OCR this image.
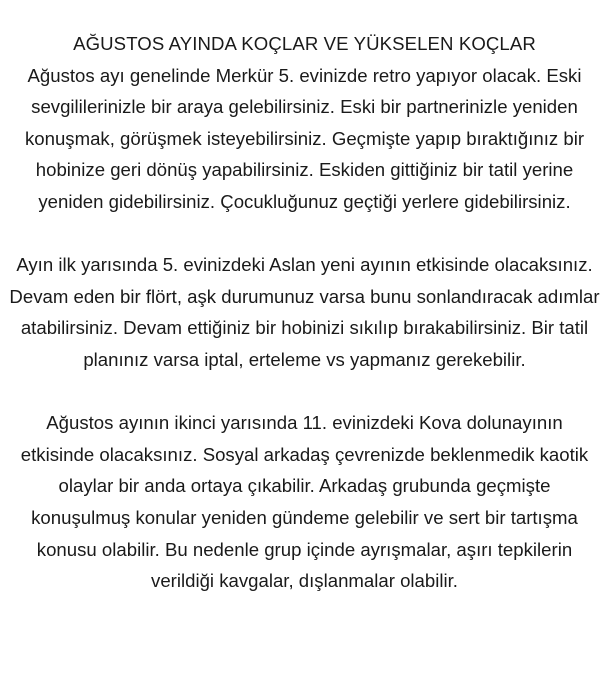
AĞUSTOS AYINDA KOÇLAR VE YÜKSELEN KOÇLAR

Ağustos ayı genelinde Merkür 5. evinizde retro yapıyor olacak. Eski sevgililerinizle bir araya gelebilirsiniz. Eski bir partnerinizle yeniden konuşmak, görüşmek isteyebilirsiniz. Geçmişte yapıp bıraktığınız bir hobinize geri dönüş yapabilirsiniz. Eskiden gittiğiniz bir tatil yerine yeniden gidebilirsiniz. Çocukluğunuz geçtiği yerlere gidebilirsiniz.

Ayın ilk yarısında 5. evinizdeki Aslan yeni ayının etkisinde olacaksınız. Devam eden bir flört, aşk durumunuz varsa bunu sonlandıracak adımlar atabilirsiniz. Devam ettiğiniz bir hobinizi sıkılıp bırakabilirsiniz. Bir tatil planınız varsa iptal, erteleme vs yapmanız gerekebilir.

Ağustos ayının ikinci yarısında 11. evinizdeki Kova dolunayının etkisinde olacaksınız. Sosyal arkadaş çevrenizde beklenmedik kaotik olaylar bir anda ortaya çıkabilir. Arkadaş grubunda geçmişte konuşulmuş konular yeniden gündeme gelebilir ve sert bir tartışma konusu olabilir. Bu nedenle grup içinde ayrışmalar, aşırı tepkilerin verildiği kavgalar, dışlanmalar olabilir.
